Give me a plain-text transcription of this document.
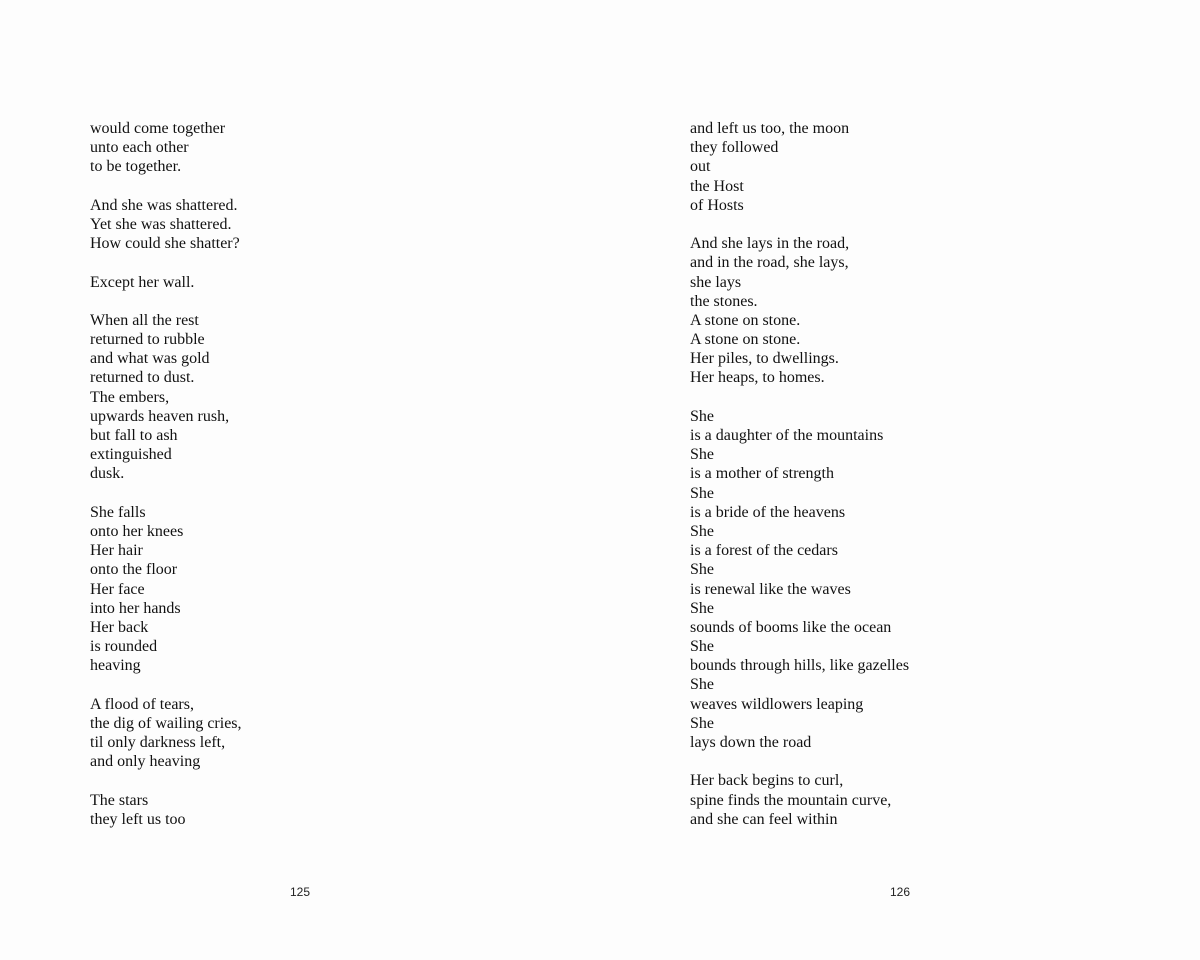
would come together
unto each other
to be together.
And she was shattered.
Yet she was shattered.
How could she shatter?
Except her wall.
When all the rest
returned to rubble
and what was gold
returned to dust.
The embers,
upwards heaven rush,
but fall to ash
extinguished
dusk.
She falls
onto her knees
Her hair
onto the floor
Her face
into her hands
Her back
is rounded
heaving
A flood of tears,
the dig of wailing cries,
til only darkness left,
and only heaving
The stars
they left us too
125
and left us too, the moon
they followed
out
the Host
of Hosts
And she lays in the road,
and in the road, she lays,
she lays
the stones.
A stone on stone.
A stone on stone.
Her piles, to dwellings.
Her heaps, to homes.
She
is a daughter of the mountains
She
is a mother of strength
She
is a bride of the heavens
She
is a forest of the cedars
She
is renewal like the waves
She
sounds of booms like the ocean
She
bounds through hills, like gazelles
She
weaves wildlowers leaping
She
lays down the road
Her back begins to curl,
spine finds the mountain curve,
and she can feel within
126
